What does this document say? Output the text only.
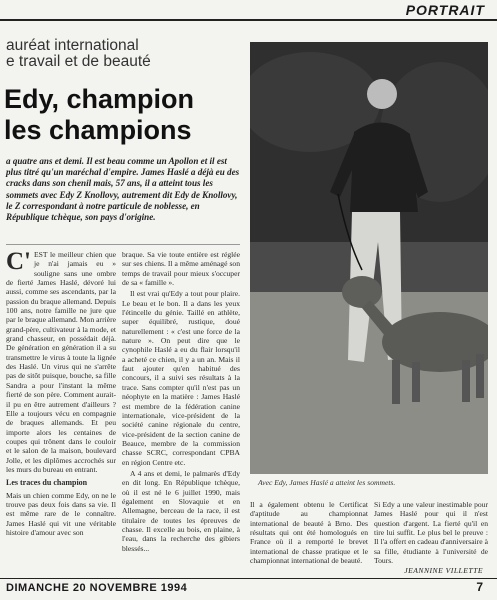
PORTRAIT
auréat international
e travail et de beauté
Edy, champion
les champions
a quatre ans et demi. Il est beau comme un Apollon et il est plus titré qu'un maréchal d'empire. James Haslé a déjà eu des cracks dans son chenil mais, 57 ans, il a atteint tous les sommets avec Edy Z Knollovy, autrement dit Edy de Knollovy, le Z correspondant à notre particule de noblesse, en République tchèque, son pays d'origine.

C' EST le meilleur chien que je n'ai jamais eu » souligne sans une ombre de fierté James Haslé, dévoré lui aussi, comme ses ascendants, par la passion du braque allemand. Depuis 100 ans, notre famille ne jure que par le braque allemand. Mon arrière grand-père, cultivateur à la mode, et grand chasseur, en possédait déjà. De génération en génération il a su transmettre le virus à toute la lignée des Haslé. Un virus qui ne s'arrête pas de sitôt puisque, bouche, sa fille Sandra a pour l'instant la même fierté de son père. Comment aurait-il pu en être autrement d'ailleurs ? Elle a toujours vécu en compagnie de braques allemands. Et peu importe alors les centaines de coupes qui trônent dans le couloir et le salon de la maison, boulevard Jolle, et les diplômes accrochés sur les murs du bureau en entrant.

Les traces du champion

Mais un chien comme Edy, on ne le trouve pas deux fois dans sa vie. Il est même rare de le connaître. James Haslé qui vit une véritable histoire d'amour avec son

braque. Sa vie toute entière est réglée sur ses chiens. Il a même aménagé son temps de travail pour mieux s'occuper de sa « famille ».

Il est vrai qu'Edy a tout pour plaire. Le beau et le bon. Il a dans les yeux l'étincelle du génie. Taillé en athlète, super équilibré, rustique, doué naturellement : « c'est une force de la nature ». On peut dire que le cynophile Haslé a eu du flair lorsqu'il a acheté ce chien, il y a un an. Mais il faut ajouter qu'en habitué des concours, il a suivi ses résultats à la trace. Sans compter qu'il n'est pas un néophyte en la matière : James Haslé est membre de la fédération canine internationale, vice-président de la société canine régionale du centre, vice-président de la section canine de Beauce, membre de la commission chasse SCRC, correspondant CPBA en région Centre etc.

A 4 ans et demi, le palmarès d'Edy en dit long. En République tchèque, où il est né le 6 juillet 1990, mais également en Slovaquie et en Allemagne, berceau de la race, il est titulaire de toutes les épreuves de chasse. Il excelle au bois, en plaine, à l'eau, dans la recherche des gibiers blessés...

Avec Edy, James Haslé a atteint les sommets.

Il a également obtenu le Certificat d'aptitude au championnat international de beauté à Brno. Des résultats qui ont été homologués en France où il a remporté le brevet international de chasse pratique et le championnat international de beauté.

Si Edy a une valeur inestimable pour James Haslé pour qui il n'est question d'argent. La fierté qu'il en tire lui suffit. Le plus bel le preuve : Il l'a offert en cadeau d'anniversaire à sa fille, étudiante à l'université de Tours.

JEANNINE VILLETTE
DIMANCHE 20 NOVEMBRE 1994	7
